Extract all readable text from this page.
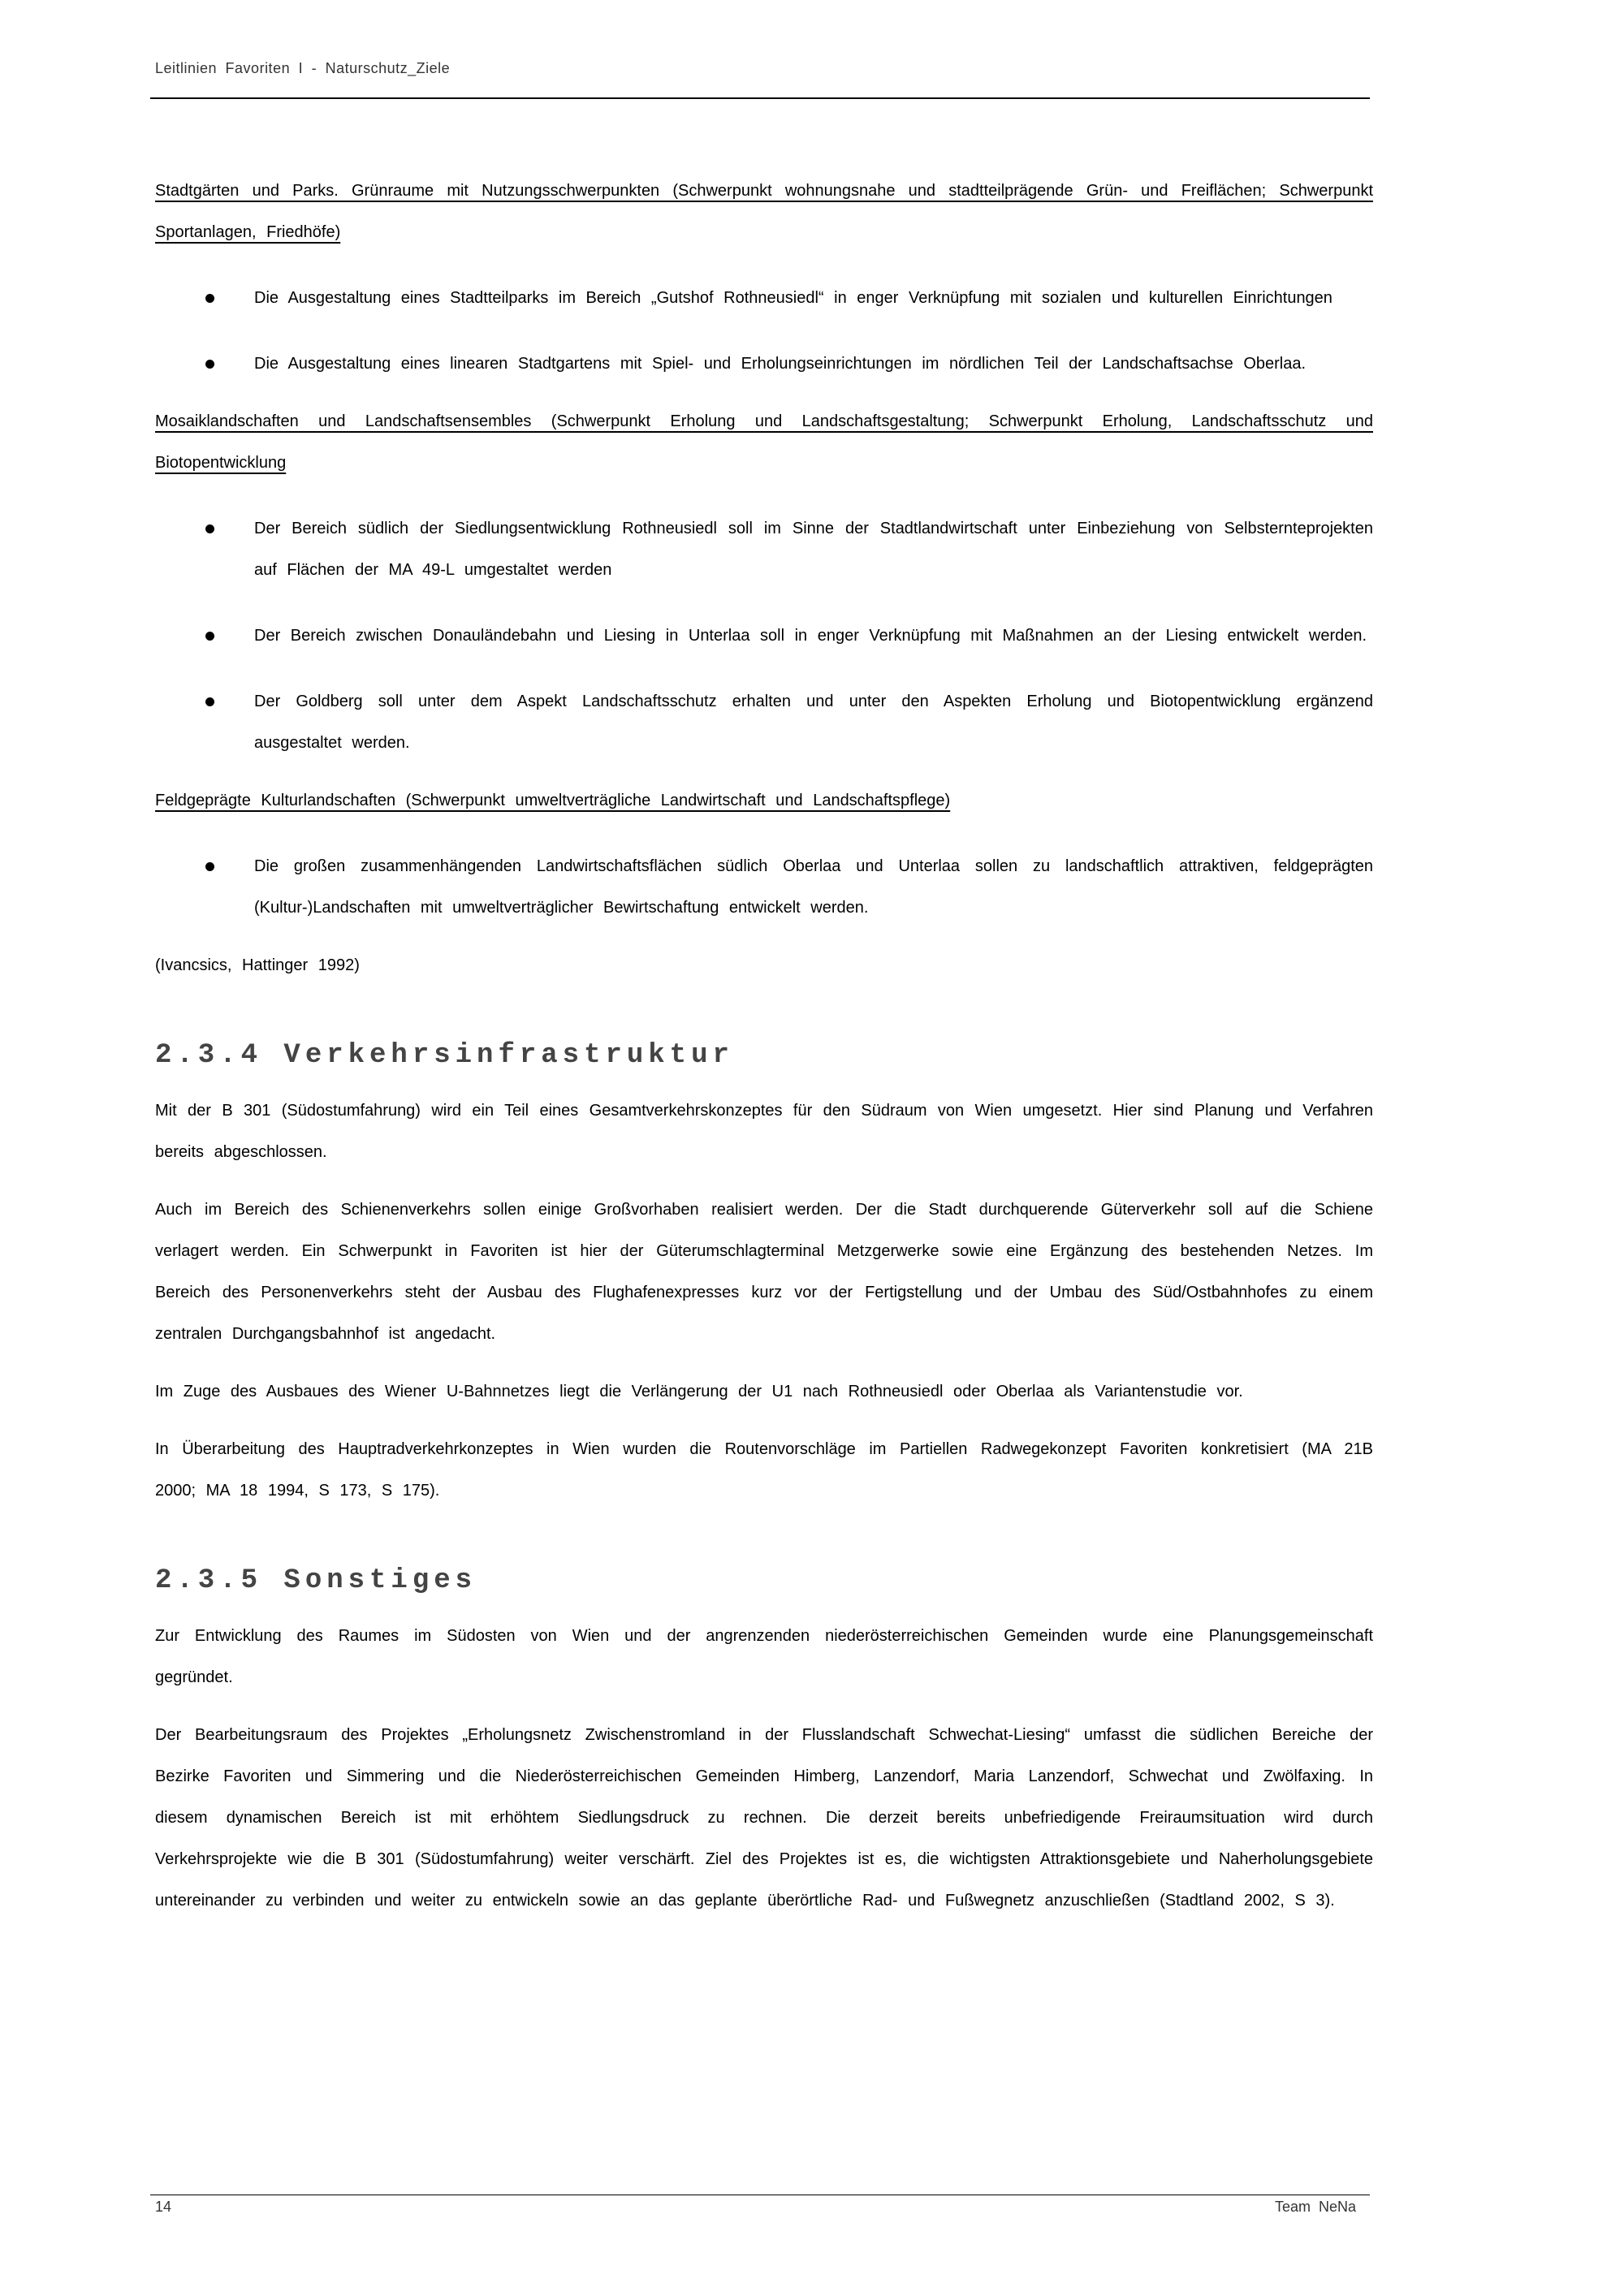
Leitlinien Favoriten I - Naturschutz_Ziele

Stadtgärten und Parks. Grünraume mit Nutzungsschwerpunkten (Schwerpunkt wohnungsnahe und stadtteilprägende Grün- und Freiflächen; Schwerpunkt Sportanlagen, Friedhöfe)

Die Ausgestaltung eines Stadtteilparks im Bereich „Gutshof Rothneusiedl“ in enger Verknüpfung mit sozialen und kulturellen Einrichtungen

Die Ausgestaltung eines linearen Stadtgartens mit Spiel- und Erholungseinrichtungen im nördlichen Teil der Landschaftsachse Oberlaa.

Mosaiklandschaften und Landschaftsensembles (Schwerpunkt Erholung und Landschaftsgestaltung; Schwerpunkt Erholung, Landschaftsschutz und Biotopentwicklung

Der Bereich südlich der Siedlungsentwicklung Rothneusiedl soll im Sinne der Stadtlandwirtschaft unter Einbeziehung von Selbsternteprojekten auf Flächen der MA 49-L umgestaltet werden

Der Bereich zwischen Donauländebahn und Liesing in Unterlaa soll in enger Verknüpfung mit Maßnahmen an der Liesing entwickelt werden.

Der Goldberg soll unter dem Aspekt Landschaftsschutz erhalten und unter den Aspekten Erholung und Biotopentwicklung ergänzend ausgestaltet werden.

Feldgeprägte Kulturlandschaften (Schwerpunkt umweltverträgliche Landwirtschaft und Landschaftspflege)

Die großen zusammenhängenden Landwirtschaftsflächen südlich Oberlaa und Unterlaa sollen zu landschaftlich attraktiven, feldgeprägten (Kultur-)Landschaften mit umweltverträglicher Bewirtschaftung entwickelt werden.

(Ivancsics, Hattinger 1992)

2.3.4 Verkehrsinfrastruktur

Mit der B 301 (Südostumfahrung) wird ein Teil eines Gesamtverkehrskonzeptes für den Südraum von Wien umgesetzt. Hier sind Planung und Verfahren bereits abgeschlossen.

Auch im Bereich des Schienenverkehrs sollen einige Großvorhaben realisiert werden. Der die Stadt durchquerende Güterverkehr soll auf die Schiene verlagert werden. Ein Schwerpunkt in Favoriten ist hier der Güterumschlagterminal Metzgerwerke sowie eine Ergänzung des bestehenden Netzes. Im Bereich des Personenverkehrs steht der Ausbau des Flughafenexpresses kurz vor der Fertigstellung und der Umbau des Süd/Ostbahnhofes zu einem zentralen Durchgangsbahnhof ist angedacht.

Im Zuge des Ausbaues des Wiener U-Bahnnetzes liegt die Verlängerung der U1 nach Rothneusiedl oder Oberlaa als Variantenstudie vor.

In Überarbeitung des Hauptradverkehrkonzeptes in Wien wurden die Routenvorschläge im Partiellen Radwegekonzept Favoriten konkretisiert (MA 21B 2000; MA 18 1994, S 173, S 175).

2.3.5 Sonstiges

Zur Entwicklung des Raumes im Südosten von Wien und der angrenzenden niederösterreichischen Gemeinden wurde eine Planungsgemeinschaft gegründet.

Der Bearbeitungsraum des Projektes „Erholungsnetz Zwischenstromland in der Flusslandschaft Schwechat-Liesing“ umfasst die südlichen Bereiche der Bezirke Favoriten und Simmering und die Niederösterreichischen Gemeinden Himberg, Lanzendorf, Maria Lanzendorf, Schwechat und Zwölfaxing. In diesem dynamischen Bereich ist mit erhöhtem Siedlungsdruck zu rechnen. Die derzeit bereits unbefriedigende Freiraumsituation wird durch Verkehrsprojekte wie die B 301 (Südostumfahrung) weiter verschärft. Ziel des Projektes ist es, die wichtigsten Attraktionsgebiete und Naherholungsgebiete untereinander zu verbinden und weiter zu entwickeln sowie an das geplante überörtliche Rad- und Fußwegnetz anzuschließen (Stadtland 2002, S 3).

14	Team NeNa
